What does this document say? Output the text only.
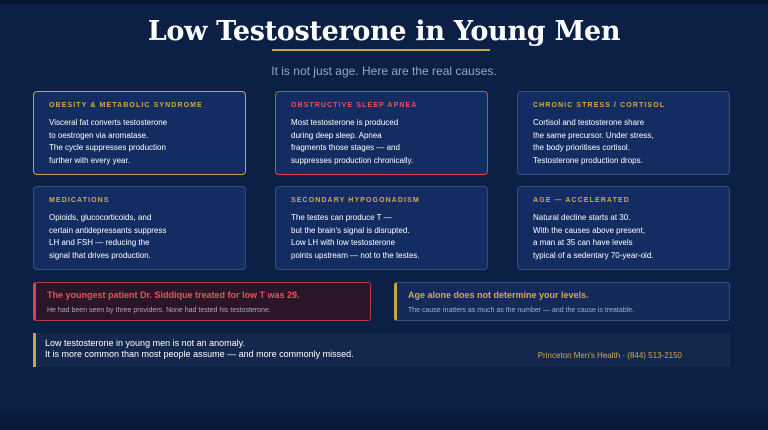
Low Testosterone in Young Men
It is not just age. Here are the real causes.
OBESITY & METABOLIC SYNDROME
Visceral fat converts testosterone
to oestrogen via aromatase.
The cycle suppresses production
further with every year.
OBSTRUCTIVE SLEEP APNEA
Most testosterone is produced
during deep sleep. Apnea
fragments those stages — and
suppresses production chronically.
CHRONIC STRESS / CORTISOL
Cortisol and testosterone share
the same precursor. Under stress,
the body prioritises cortisol.
Testosterone production drops.
MEDICATIONS
Opioids, glucocorticoids, and
certain antidepressants suppress
LH and FSH — reducing the
signal that drives production.
SECONDARY HYPOGONADISM
The testes can produce T —
but the brain's signal is disrupted.
Low LH with low testosterone
points upstream — not to the testes.
AGE — ACCELERATED
Natural decline starts at 30.
With the causes above present,
a man at 35 can have levels
typical of a sedentary 70-year-old.
The youngest patient Dr. Siddique treated for low T was 29.
He had been seen by three providers. None had tested his testosterone.
Age alone does not determine your levels.
The cause matters as much as the number — and the cause is treatable.
Low testosterone in young men is not an anomaly.
It is more common than most people assume — and more commonly missed.	Princeton Men's Health · (844) 513-2150
